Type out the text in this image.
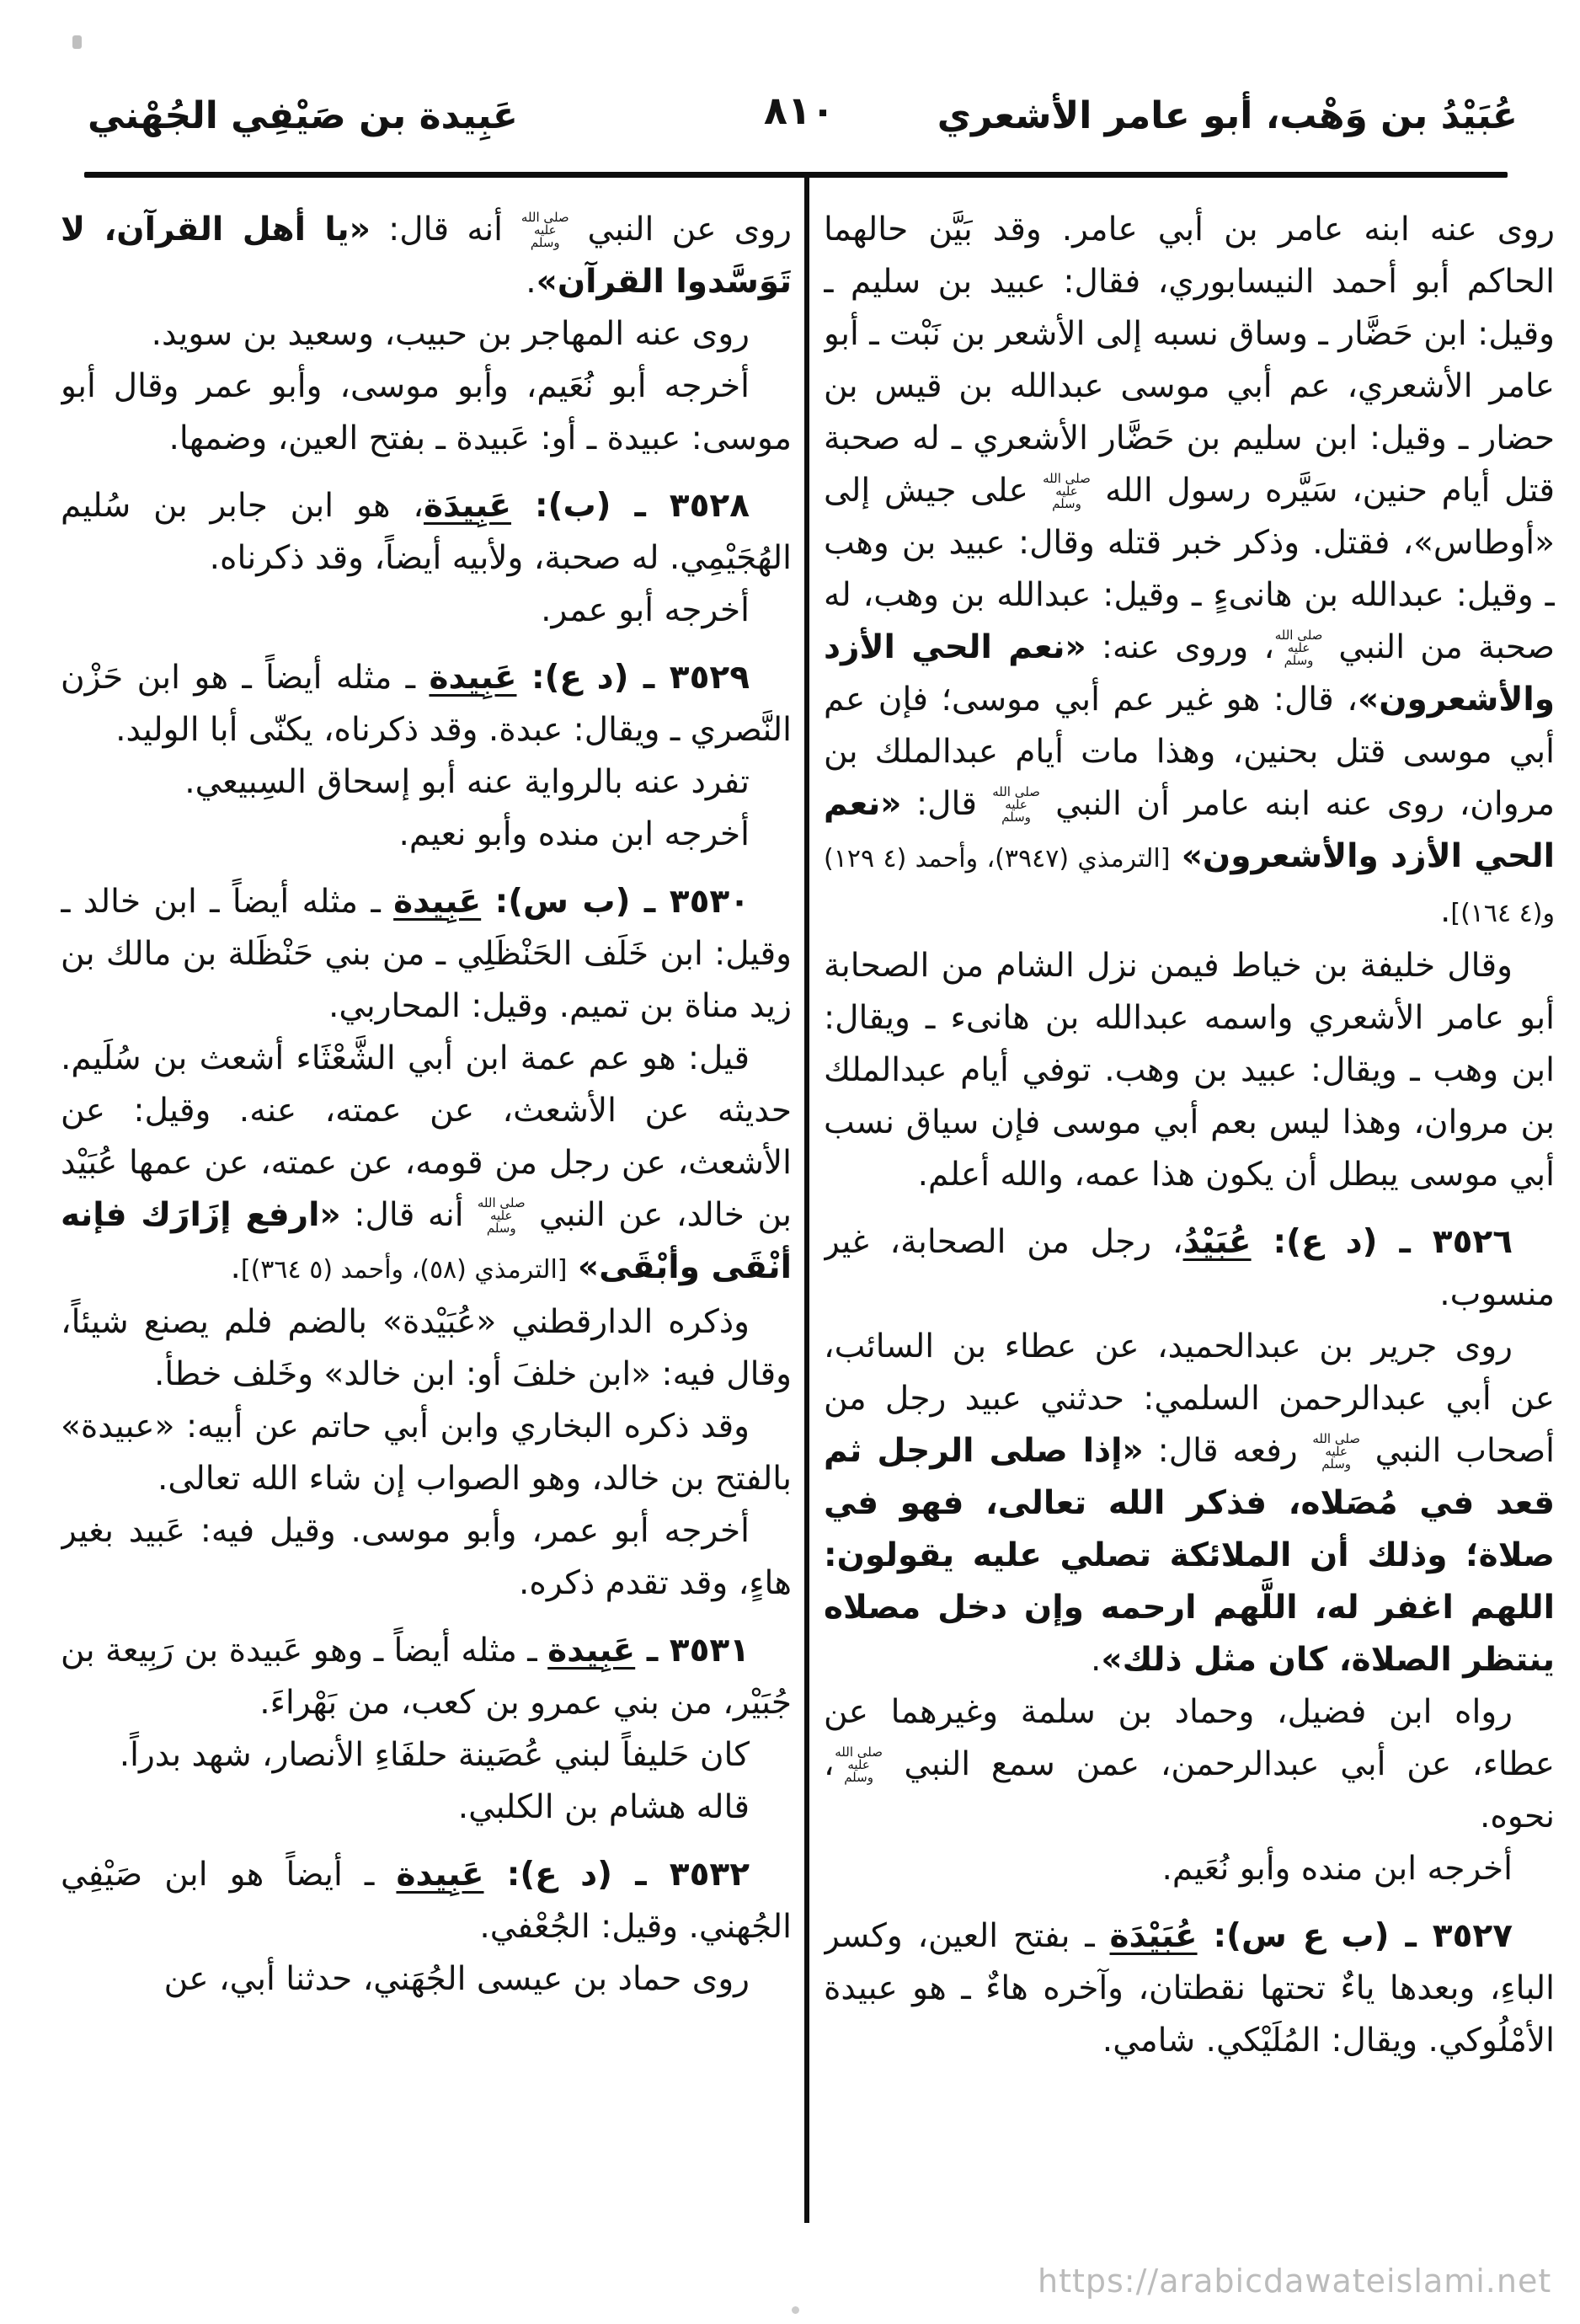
عَبِيدة بن صَيْفِي الجُهْني	٨١٠	عُبَيْدُ بن وَهْب، أبو عامر الأشعري

روى عنه ابنه عامر بن أبي عامر. وقد بَيَّن حالهما الحاكم أبو أحمد النيسابوري، فقال: عبيد بن سليم ـ وقيل: ابن حَضَّار ـ وساق نسبه إلى الأشعر بن نَبْت ـ أبو عامر الأشعري، عم أبي موسى عبدالله بن قيس بن حضار ـ وقيل: ابن سليم بن حَضَّار الأشعري ـ له صحبة قتل أيام حنين، سَيَّره رسول الله
صلى الله
عليه وسلم
على جيش إلى «أوطاس»، فقتل. وذكر خبر قتله وقال: عبيد بن وهب ـ وقيل: عبدالله بن هانىءٍ ـ وقيل: عبدالله بن وهب، له صحبة من النبي
صلى الله
عليه وسلم
، وروى عنه: «نعم الحي الأزد والأشعرون»، قال: هو غير عم أبي موسى؛ فإن عم أبي موسى قتل بحنين، وهذا مات أيام عبدالملك بن مروان، روى عنه ابنه عامر أن النبي
صلى الله
عليه وسلم
قال: «نعم الحي الأزد والأشعرون» [الترمذي (٣٩٤٧)، وأحمد (٤ ١٢٩) و(٤ ١٦٤)].

وقال خليفة بن خياط فيمن نزل الشام من الصحابة أبو عامر الأشعري واسمه عبدالله بن هانىء ـ ويقال: ابن وهب ـ ويقال: عبيد بن وهب. توفي أيام عبدالملك بن مروان، وهذا ليس بعم أبي موسى فإن سياق نسب أبي موسى يبطل أن يكون هذا عمه، والله أعلم.

٣٥٢٦ ـ (د ع): عُبَيْدُ، رجل من الصحابة، غير منسوب.

روى جرير بن عبدالحميد، عن عطاء بن السائب، عن أبي عبدالرحمن السلمي: حدثني عبيد رجل من أصحاب النبي
صلى الله
عليه وسلم
رفعه قال: «إذا صلى الرجل ثم قعد في مُصَلاه، فذكر الله تعالى، فهو في صلاة؛ وذلك أن الملائكة تصلي عليه يقولون: اللهم اغفر له، اللَّهم ارحمه وإن دخل مصلاه ينتظر الصلاة، كان مثل ذلك».

رواه ابن فضيل، وحماد بن سلمة وغيرهما عن عطاء، عن أبي عبدالرحمن، عمن سمع النبي
صلى الله
عليه وسلم
، نحوه.

أخرجه ابن منده وأبو نُعَيم.

٣٥٢٧ ـ (ب ع س): عُبَيْدَة ـ بفتح العين، وكسر الباءِ، وبعدها ياءٌ تحتها نقطتان، وآخره هاءٌ ـ هو عبيدة الأمْلُوكي. ويقال: المُلَيْكي. شامي.

روى عن النبي
صلى الله
عليه وسلم
أنه قال: «يا أهل القرآن، لا تَوَسَّدوا القرآن».

روى عنه المهاجر بن حبيب، وسعيد بن سويد.

أخرجه أبو نُعَيم، وأبو موسى، وأبو عمر وقال أبو موسى: عبيدة ـ أو: عَبيدة ـ بفتح العين، وضمها.

٣٥٢٨ ـ (ب): عَبِيدَة، هو ابن جابر بن سُليم الهُجَيْمِي. له صحبة، ولأبيه أيضاً، وقد ذكرناه.

أخرجه أبو عمر.

٣٥٢٩ ـ (د ع): عَبِيدة ـ مثله أيضاً ـ هو ابن حَزْن النَّصري ـ ويقال: عبدة. وقد ذكرناه، يكنّى أبا الوليد.

تفرد عنه بالرواية عنه أبو إسحاق السِبيعي.

أخرجه ابن منده وأبو نعيم.

٣٥٣٠ ـ (ب س): عَبِيدة ـ مثله أيضاً ـ ابن خالد ـ وقيل: ابن خَلَف الحَنْظَلِي ـ من بني حَنْظَلة بن مالك بن زيد مناة بن تميم. وقيل: المحاربي.

قيل: هو عم عمة ابن أبي الشَّعْثَاء أشعث بن سُلَيم. حديثه عن الأشعث، عن عمته، عنه. وقيل: عن الأشعث، عن رجل من قومه، عن عمته، عن عمها عُبَيْد بن خالد، عن النبي
صلى الله
عليه وسلم
أنه قال: «ارفع إزَارَك فإنه أنْقَى وأبْقَى» [الترمذي (٥٨)، وأحمد (٥ ٣٦٤)].

وذكره الدارقطني «عُبَيْدة» بالضم فلم يصنع شيئاً، وقال فيه: «ابن خلفَ أو: ابن خالد» وخَلف خطأ.

وقد ذكره البخاري وابن أبي حاتم عن أبيه: «عبيدة» بالفتح بن خالد، وهو الصواب إن شاء الله تعالى.

أخرجه أبو عمر، وأبو موسى. وقيل فيه: عَبيد بغير هاءٍ، وقد تقدم ذكره.

٣٥٣١ ـ عَبِيدة ـ مثله أيضاً ـ وهو عَبيدة بن رَبِيعة بن جُبَيْر، من بني عمرو بن كعب، من بَهْراءَ.

كان حَليفاً لبني عُصَينة حلفَاءِ الأنصار، شهد بدراً.

قاله هشام بن الكلبي.

٣٥٣٢ ـ (د ع): عَبِيدة ـ أيضاً هو ابن صَيْفِي الجُهني. وقيل: الجُعْفي.

روى حماد بن عيسى الجُهَني، حدثنا أبي، عن

https://arabicdawateislami.net
